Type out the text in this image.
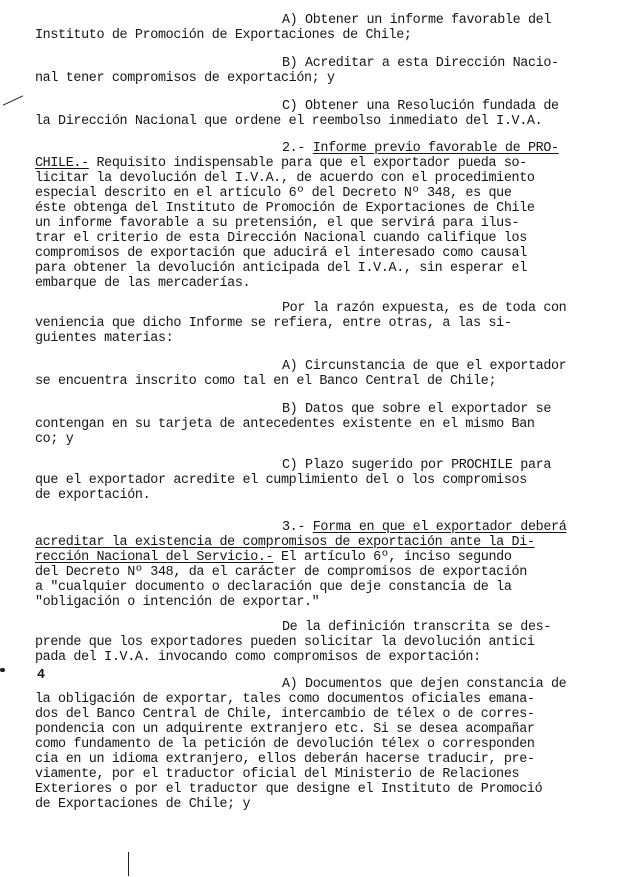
A) Obtener un informe favorable del
Instituto de Promoción de Exportaciones de Chile;
B) Acreditar a esta Dirección Nacio-
nal tener compromisos de exportación; y
C) Obtener una Resolución fundada de
la Dirección Nacional que ordene el reembolso inmediato del I.V.A.
2.- Informe previo favorable de PRO-
CHILE.- Requisito indispensable para que el exportador pueda so-
licitar la devolución del I.V.A., de acuerdo con el procedimiento
especial descrito en el artículo 6º del Decreto Nº 348, es que
éste obtenga del Instituto de Promoción de Exportaciones de Chile
un informe favorable a su pretensión, el que servirá para ilus-
trar el criterio de esta Dirección Nacional cuando califique los
compromisos de exportación que aducirá el interesado como causal
para obtener la devolución anticipada del I.V.A., sin esperar el
embarque de las mercaderías.
Por la razón expuesta, es de toda con
veniencia que dicho Informe se refiera, entre otras, a las si-
guientes materias:
A) Circunstancia de que el exportador
se encuentra inscrito como tal en el Banco Central de Chile;
B) Datos que sobre el exportador se
contengan en su tarjeta de antecedentes existente en el mismo Ban
co; y
C) Plazo sugerido por PROCHILE para
que el exportador acredite el cumplimiento del o los compromisos
de exportación.
3.- Forma en que el exportador deberá
acreditar la existencia de compromisos de exportación ante la Di-
rección Nacional del Servicio.- El artículo 6º, inciso segundo
del Decreto Nº 348, da el carácter de compromisos de exportación
a "cualquier documento o declaración que deje constancia de la
"obligación o intención de exportar."
De la definición transcrita se des-
prende que los exportadores pueden solicitar la devolución antici
pada del I.V.A. invocando como compromisos de exportación:
4
A) Documentos que dejen constancia de
la obligación de exportar, tales como documentos oficiales emana-
dos del Banco Central de Chile, intercambio de télex o de corres-
pondencia con un adquirente extranjero etc. Si se desea acompañar
como fundamento de la petición de devolución télex o corresponden
cia en un idioma extranjero, ellos deberán hacerse traducir, pre-
viamente, por el traductor oficial del Ministerio de Relaciones
Exteriores o por el traductor que designe el Instituto de Promoció
de Exportaciones de Chile; y
